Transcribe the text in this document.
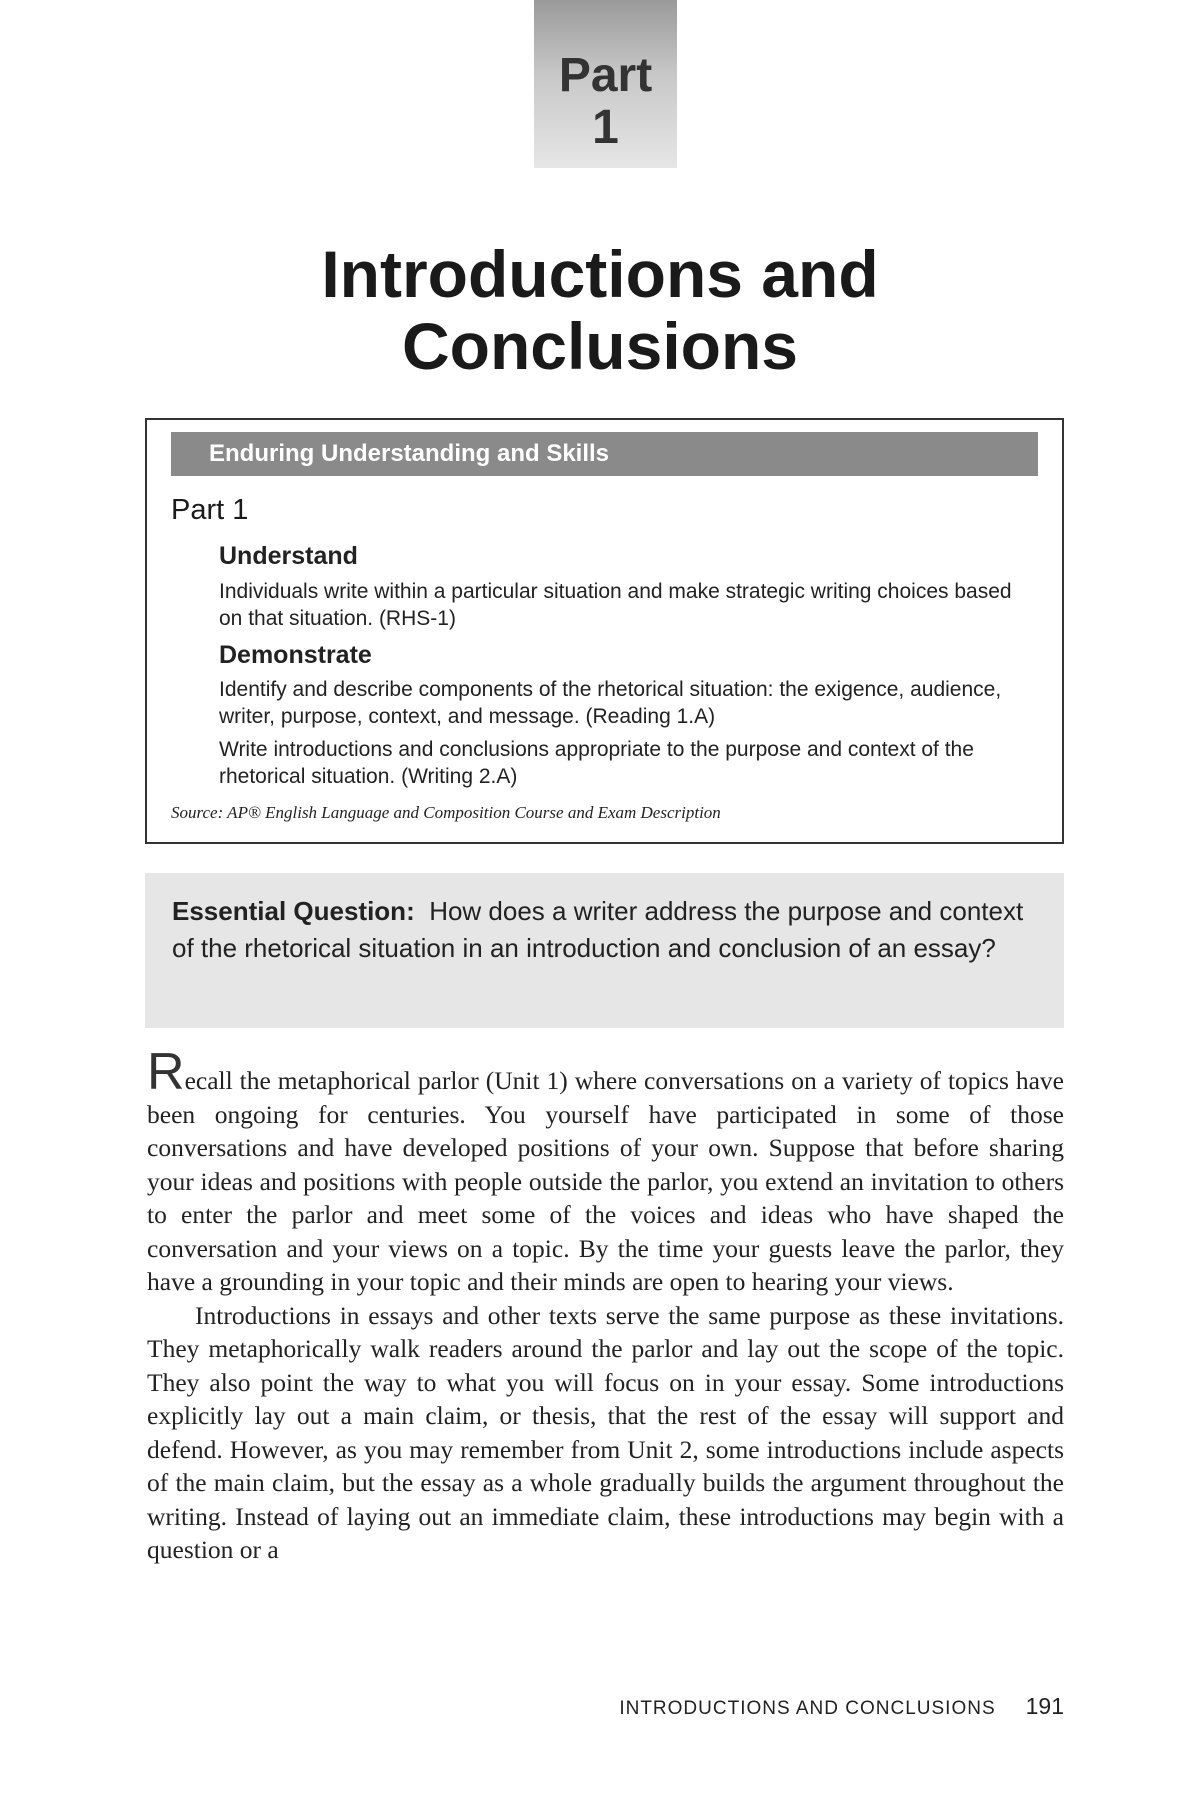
Part
1
Introductions and
Conclusions
Enduring Understanding and Skills
Part 1
Understand
Individuals write within a particular situation and make strategic writing choices based on that situation. (RHS-1)
Demonstrate
Identify and describe components of the rhetorical situation: the exigence, audience, writer, purpose, context, and message. (Reading 1.A)
Write introductions and conclusions appropriate to the purpose and context of the rhetorical situation. (Writing 2.A)
Source: AP® English Language and Composition Course and Exam Description
Essential Question: How does a writer address the purpose and context of the rhetorical situation in an introduction and conclusion of an essay?

Recall the metaphorical parlor (Unit 1) where conversations on a variety of topics have been ongoing for centuries. You yourself have participated in some of those conversations and have developed positions of your own. Suppose that before sharing your ideas and positions with people outside the parlor, you extend an invitation to others to enter the parlor and meet some of the voices and ideas who have shaped the conversation and your views on a topic. By the time your guests leave the parlor, they have a grounding in your topic and their minds are open to hearing your views.

Introductions in essays and other texts serve the same purpose as these invitations. They metaphorically walk readers around the parlor and lay out the scope of the topic. They also point the way to what you will focus on in your essay. Some introductions explicitly lay out a main claim, or thesis, that the rest of the essay will support and defend. However, as you may remember from Unit 2, some introductions include aspects of the main claim, but the essay as a whole gradually builds the argument throughout the writing. Instead of laying out an immediate claim, these introductions may begin with a question or a

INTRODUCTIONS AND CONCLUSIONS 191
